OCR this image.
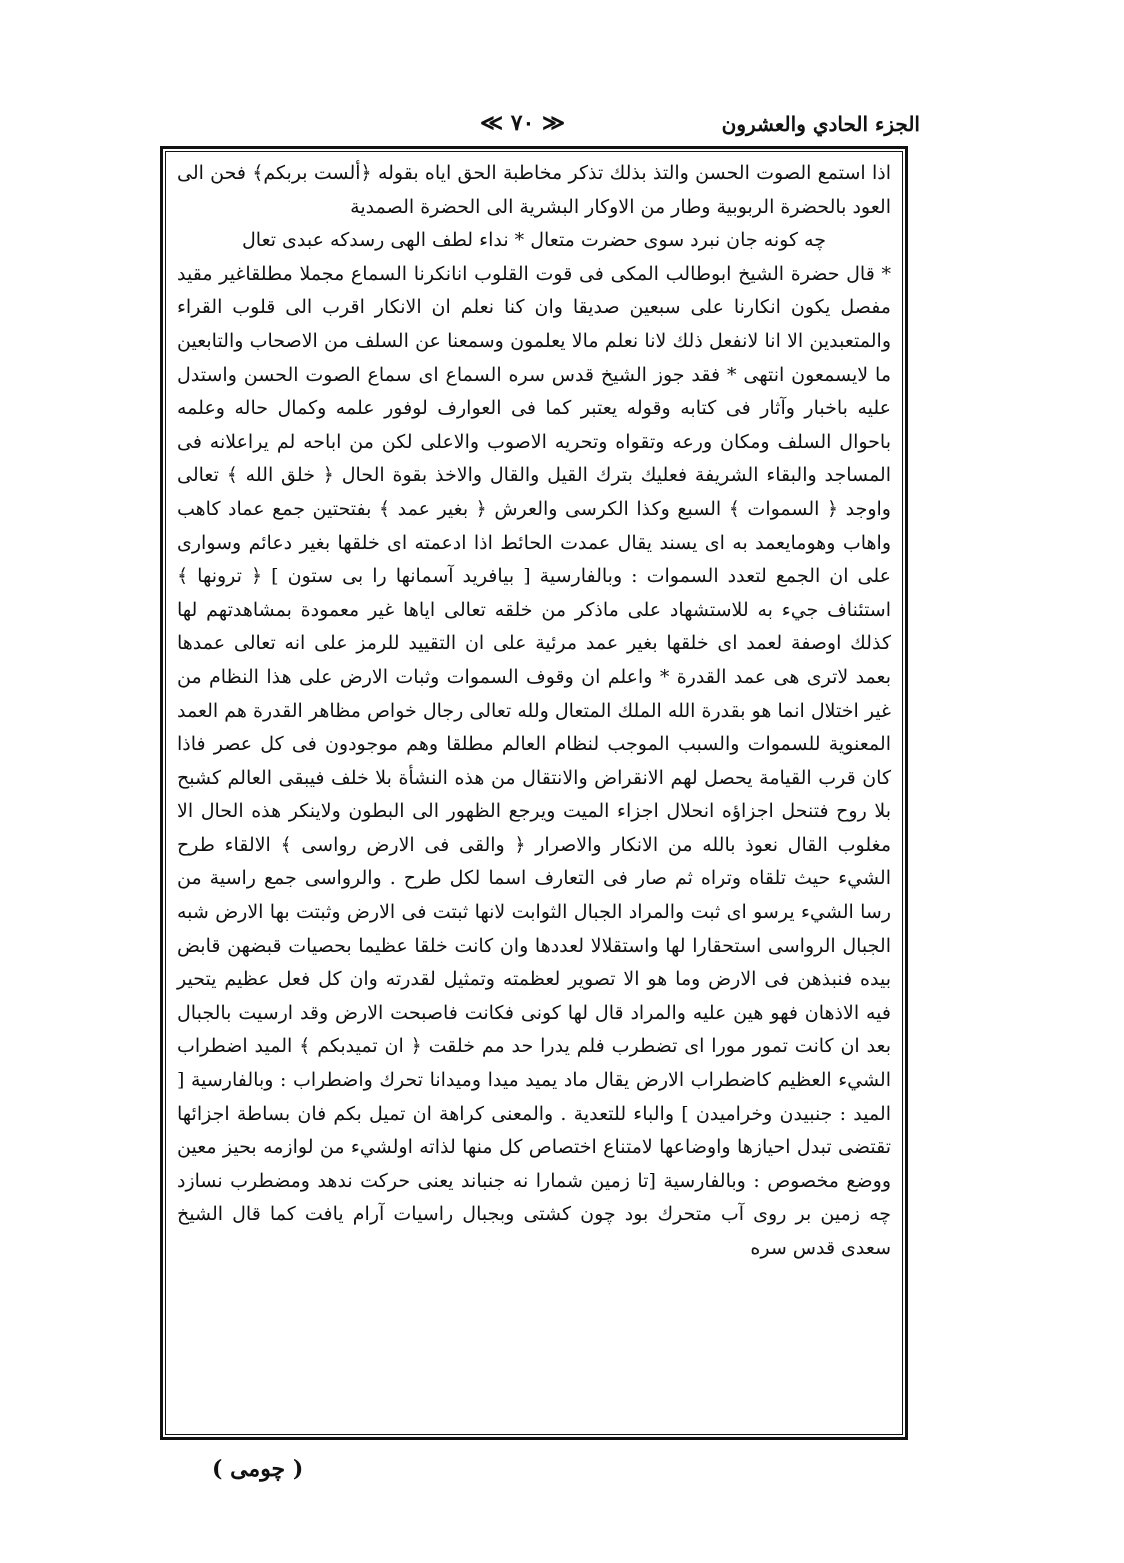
الجزء الحادي والعشرون
≪ ٧٠ ≫

اذا استمع الصوت الحسن والتذ بذلك تذكر مخاطبة الحق اياه بقوله ﴿ألست بربكم﴾ فحن الى العود بالحضرة الربوبية وطار من الاوكار البشرية الى الحضرة الصمدية

چه كونه جان نبرد سوى حضرت متعال * نداء لطف الهى رسدكه عبدى تعال

* قال حضرة الشيخ ابوطالب المكى فى قوت القلوب انانكرنا السماع مجملا مطلقاغير مقيد مفصل يكون انكارنا على سبعين صديقا وان كنا نعلم ان الانكار اقرب الى قلوب القراء والمتعبدين الا انا لانفعل ذلك لانا نعلم مالا يعلمون وسمعنا عن السلف من الاصحاب والتابعين ما لايسمعون انتهى * فقد جوز الشيخ قدس سره السماع اى سماع الصوت الحسن واستدل عليه باخبار وآثار فى كتابه وقوله يعتبر كما فى العوارف لوفور علمه وكمال حاله وعلمه باحوال السلف ومكان ورعه وتقواه وتحريه الاصوب والاعلى لكن من اباحه لم يراعلانه فى المساجد والبقاء الشريفة فعليك بترك القيل والقال والاخذ بقوة الحال ﴿ خلق الله ﴾ تعالى واوجد ﴿ السموات ﴾ السبع وكذا الكرسى والعرش ﴿ بغير عمد ﴾ بفتحتين جمع عماد كاهب واهاب وهومايعمد به اى يسند يقال عمدت الحائط اذا ادعمته اى خلقها بغير دعائم وسوارى على ان الجمع لتعدد السموات : وبالفارسية [ بيافريد آسمانها را بى ستون ] ﴿ ترونها ﴾ استئناف جيء به للاستشهاد على ماذكر من خلقه تعالى اياها غير معمودة بمشاهدتهم لها كذلك اوصفة لعمد اى خلقها بغير عمد مرئية على ان التقييد للرمز على انه تعالى عمدها بعمد لاترى هى عمد القدرة * واعلم ان وقوف السموات وثبات الارض على هذا النظام من غير اختلال انما هو بقدرة الله الملك المتعال ولله تعالى رجال خواص مظاهر القدرة هم العمد المعنوية للسموات والسبب الموجب لنظام العالم مطلقا وهم موجودون فى كل عصر فاذا كان قرب القيامة يحصل لهم الانقراض والانتقال من هذه النشأة بلا خلف فيبقى العالم كشبح بلا روح فتنحل اجزاؤه انحلال اجزاء الميت ويرجع الظهور الى البطون ولاينكر هذه الحال الا مغلوب القال نعوذ بالله من الانكار والاصرار ﴿ والقى فى الارض رواسى ﴾ الالقاء طرح الشيء حيث تلقاه وتراه ثم صار فى التعارف اسما لكل طرح . والرواسى جمع راسية من رسا الشيء يرسو اى ثبت والمراد الجبال الثوابت لانها ثبتت فى الارض وثبتت بها الارض شبه الجبال الرواسى استحقارا لها واستقلالا لعددها وان كانت خلقا عظيما بحصيات قبضهن قابض بيده فنبذهن فى الارض وما هو الا تصوير لعظمته وتمثيل لقدرته وان كل فعل عظيم يتحير فيه الاذهان فهو هين عليه والمراد قال لها كونى فكانت فاصبحت الارض وقد ارسيت بالجبال بعد ان كانت تمور مورا اى تضطرب فلم يدرا حد مم خلقت ﴿ ان تميدبكم ﴾ الميد اضطراب الشيء العظيم كاضطراب الارض يقال ماد يميد ميدا وميدانا تحرك واضطراب : وبالفارسية [ الميد : جنبيدن وخراميدن ] والباء للتعدية . والمعنى كراهة ان تميل بكم فان بساطة اجزائها تقتضى تبدل احيازها واوضاعها لامتناع اختصاص كل منها لذاته اولشيء من لوازمه بحيز معين ووضع مخصوص : وبالفارسية [تا زمين شمارا نه جنباند يعنى حركت ندهد ومضطرب نسازد چه زمين بر روى آب متحرك بود چون كشتى وبجبال راسيات آرام يافت كما قال الشيخ سعدى قدس سره

( چومى )
